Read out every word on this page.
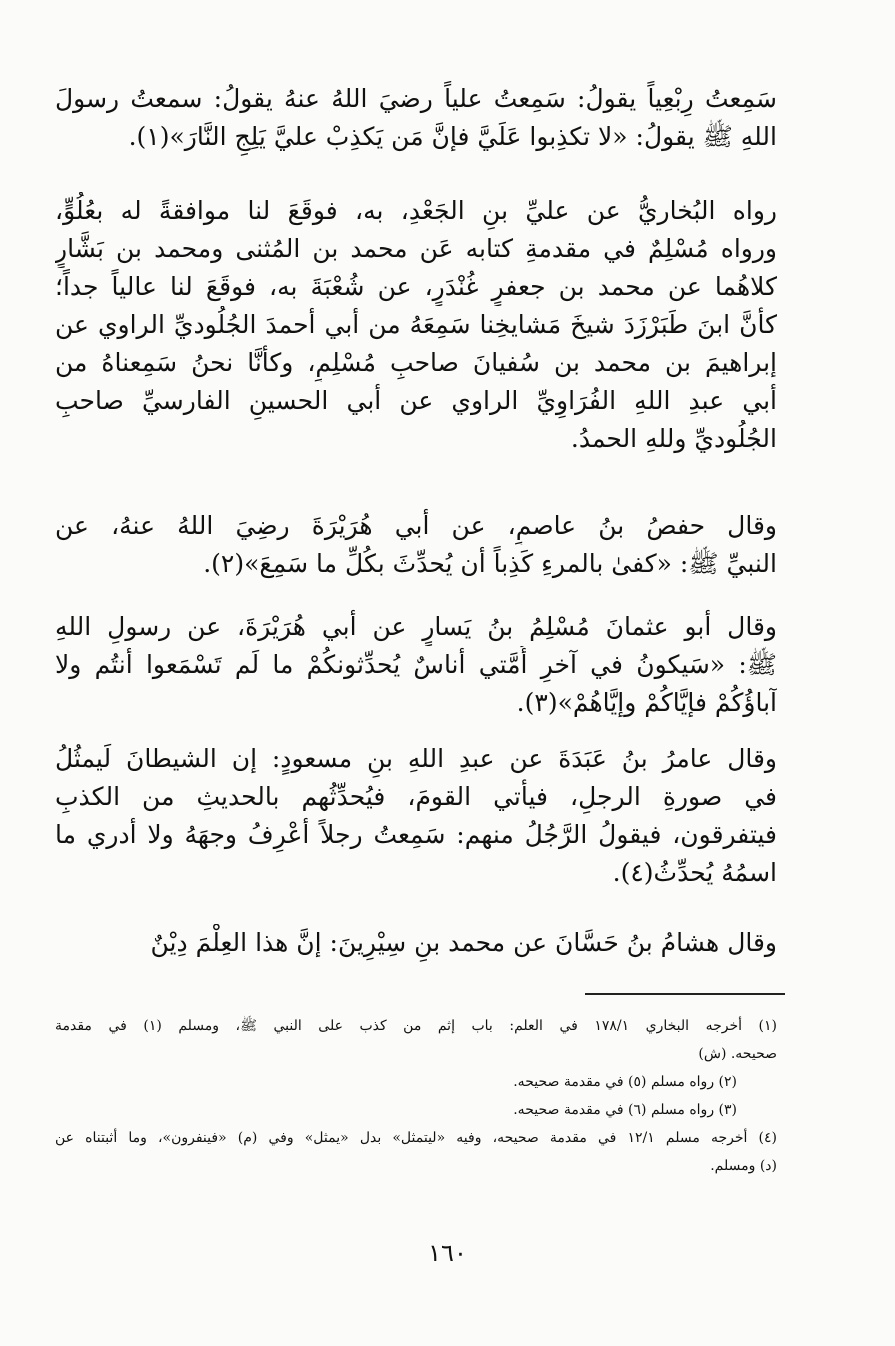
سَمِعتُ رِبْعِياً يقولُ: سَمِعتُ علياً رضيَ اللهُ عنهُ يقولُ: سمعتُ رسولَ
اللهِ ﷺ يقولُ: «لا تكذِبوا عَلَيَّ فإنَّ مَن يَكذِبْ عليَّ يَلِجِ النَّارَ»(١).
رواه البُخاريُّ عن عليِّ بنِ الجَعْدِ، به، فوقَعَ لنا موافقةً له بعُلُوٍّ،
ورواه مُسْلِمٌ في مقدمةِ كتابه عَن محمد بن المُثنى ومحمد بن بَشَّارٍ
كلاهُما عن محمد بن جعفرٍ غُنْدَرٍ، عن شُعْبَةَ به، فوقَعَ لنا عالياً جداً؛
كأنَّ ابنَ طَبَرْزَدَ شيخَ مَشايخِنا سَمِعَهُ من أبي أحمدَ الجُلُوديِّ الراوي عن
إبراهيمَ بن محمد بن سُفيانَ صاحبِ مُسْلِمٍ، وكأنَّا نحنُ سَمِعناهُ من
أبي عبدِ اللهِ الفُرَاوِيِّ الراوي عن أبي الحسينِ الفارسيِّ صاحبِ
الجُلُوديِّ وللهِ الحمدُ.
وقال حفصُ بنُ عاصمٍ، عن أبي هُرَيْرَةَ رضِيَ اللهُ عنهُ، عن
النبيِّ ﷺ: «كفىٰ بالمرءِ كَذِباً أن يُحدِّثَ بكُلِّ ما سَمِعَ»(٢).
وقال أبو عثمانَ مُسْلِمُ بنُ يَسارٍ عن أبي هُرَيْرَةَ، عن رسولِ اللهِ
ﷺ: «سَيكونُ في آخرِ أُمَّتي أناسٌ يُحدِّثونكُمْ ما لَم تَسْمَعوا أنتُم ولا
آباؤُكُمْ فإيَّاكُمْ وإيَّاهُمْ»(٣).
وقال عامرُ بنُ عَبَدَةَ عن عبدِ اللهِ بنِ مسعودٍ: إن الشيطانَ لَيمثُلُ
في صورةِ الرجلِ، فيأتي القومَ، فيُحدِّثُهم بالحديثِ من الكذبِ
فيتفرقون، فيقولُ الرَّجُلُ منهم: سَمِعتُ رجلاً أعْرِفُ وجهَهُ ولا أدري ما
اسمُهُ يُحدِّثُ(٤).
وقال هشامُ بنُ حَسَّانَ عن محمد بنِ سِيْرِينَ: إنَّ هذا العِلْمَ دِيْنٌ
(١) أخرجه البخاري ١٧٨/١ في العلم: باب إثم من كذب على النبي ﷺ، ومسلم (١) في مقدمة
صحيحه. (ش)
(٢) رواه مسلم (٥) في مقدمة صحيحه.
(٣) رواه مسلم (٦) في مقدمة صحيحه.
(٤) أخرجه مسلم ١٢/١ في مقدمة صحيحه، وفيه «ليتمثل» بدل «يمثل» وفي (م) «فينفرون»، وما أثبتناه عن
(د) ومسلم.
١٦٠
